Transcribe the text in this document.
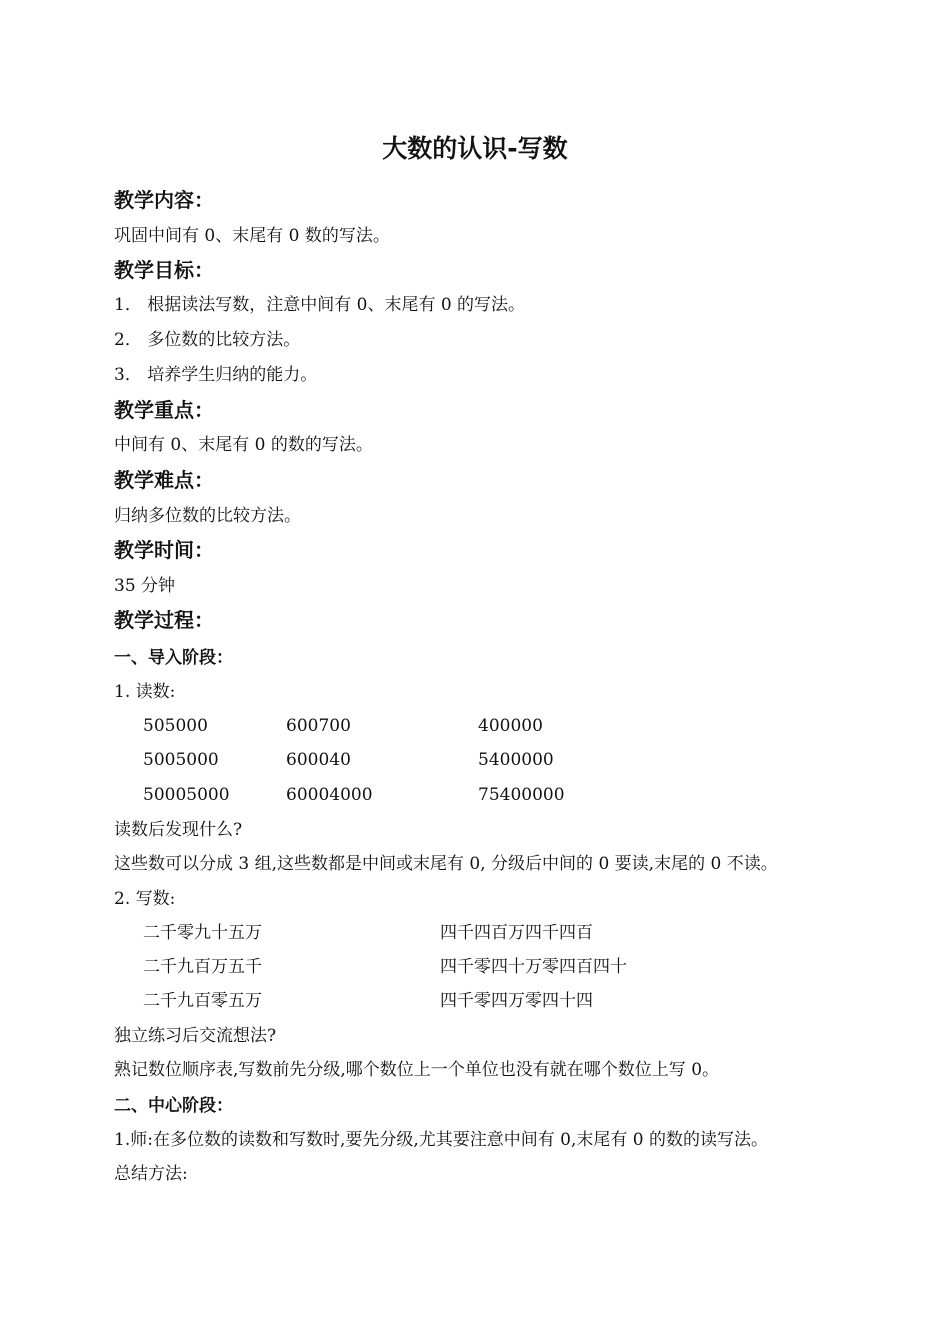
大数的认识-写数
教学内容：
巩固中间有 0、末尾有 0 数的写法。
教学目标：
1． 根据读法写数，注意中间有 0、末尾有 0 的写法。
2． 多位数的比较方法。
3． 培养学生归纳的能力。
教学重点：
中间有 0、末尾有 0 的数的写法。
教学难点：
归纳多位数的比较方法。
教学时间：
35 分钟
教学过程：
一、导入阶段：
1. 读数:
505000	600700	400000
5005000	600040	5400000
50005000	60004000	75400000
读数后发现什么?
这些数可以分成 3 组,这些数都是中间或末尾有 0, 分级后中间的 0 要读,末尾的 0 不读。
2. 写数:
二千零九十五万	四千四百万四千四百
二千九百万五千	四千零四十万零四百四十
二千九百零五万	四千零四万零四十四
独立练习后交流想法?
熟记数位顺序表,写数前先分级,哪个数位上一个单位也没有就在哪个数位上写 0。
二、中心阶段：
1.师:在多位数的读数和写数时,要先分级,尤其要注意中间有 0,末尾有 0 的数的读写法。
总结方法:
